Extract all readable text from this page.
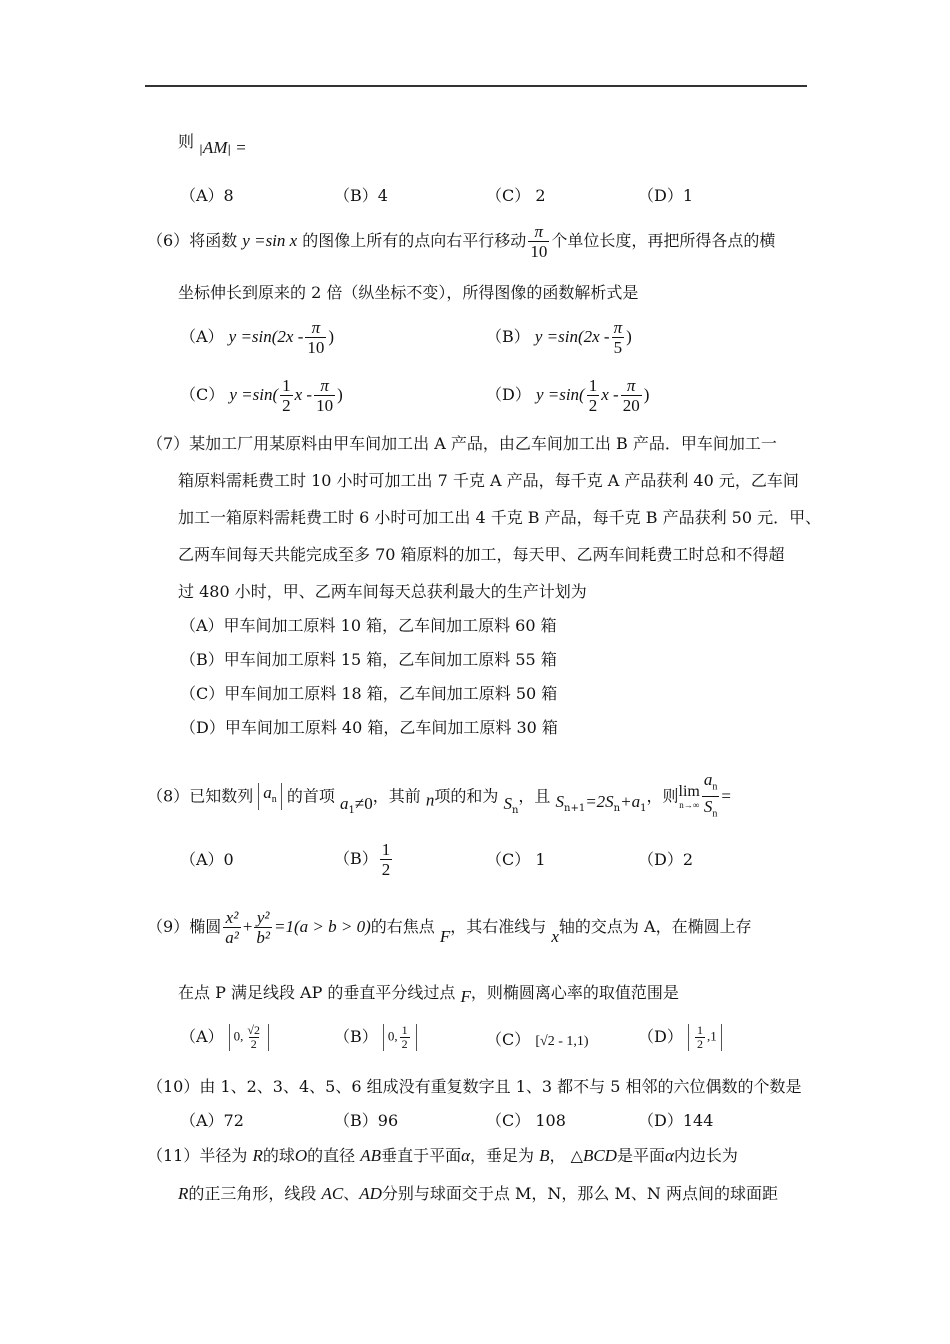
则 $_|AM_|$ =
（A）8	（B）4	（C） 2	（D）1
（6）将函数 y =sin x 的图像上所有的点向右平行移动 $\frac{\pi}{10}$ 个单位长度，再把所得各点的横
坐标伸长到原来的 2 倍（纵坐标不变），所得图像的函数解析式是
（A） $y =\sin(2x - \frac{\pi}{10}$ )	（B） $y =\sin(2x - \frac{\pi}{5}$ )
（C） $y =\sin( \frac{1}{2}$ x - $\frac{\pi}{10}$ )	（D） $y =\sin( \frac{1}{2}$ x - $\frac{\pi}{20}$ )
（7）某加工厂用某原料由甲车间加工出 A 产品，由乙车间加工出 B 产品．甲车间加工一
箱原料需耗费工时 10 小时可加工出 7 千克 A 产品，每千克 A 产品获利 40 元，乙车间
加工一箱原料需耗费工时 6 小时可加工出 4 千克 B 产品，每千克 B 产品获利 50 元．甲、
乙两车间每天共能完成至多 70 箱原料的加工，每天甲、乙两车间耗费工时总和不得超
过 480 小时，甲、乙两车间每天总获利最大的生产计划为
（A）甲车间加工原料 10 箱，乙车间加工原料 60 箱
（B）甲车间加工原料 15 箱，乙车间加工原料 55 箱
（C）甲车间加工原料 18 箱，乙车间加工原料 50 箱
（D）甲车间加工原料 40 箱，乙车间加工原料 30 箱
（8）已知数列 $a_n$ 的首项 $a_1\ne 0$，其前 n项的和为 $S_n$，且 $S_{n+1}=2S_n+a_1$，则 lim
$n\to\infty \frac{a_n}{S_n}$ =
（A）0	$(B) \frac{1}{2}$	（C） 1	（D）2
（9）椭圆 $\frac{\text{x²}}{\text{a²}} + \frac{\text{y²}}{\text{b²}} =1(a > b > 0)$的右焦点 F，其右准线与 x轴的交点为 A，在椭圆上存
在点 P 满足线段 AP 的垂直平分线过点 F，则椭圆离心率的取值范围是
（A） 0, $\frac{√2}{2}$	（B） 0, $\frac{1}{2}$	（C） [√2 - 1,1)	$(D) \frac{1}{2} ,1$
（10）由 1、2、3、4、5、6 组成没有重复数字且 1、3 都不与 5 相邻的六位偶数的个数是
（A）72	（B）96	（C） 108	（D）144
（11）半径为 R的球O的直径 AB垂直于平面α，垂足为 B， △BCD是平面α内边长为
R的正三角形，线段 AC、AD分别与球面交于点 M，N，那么 M、N 两点间的球面距
